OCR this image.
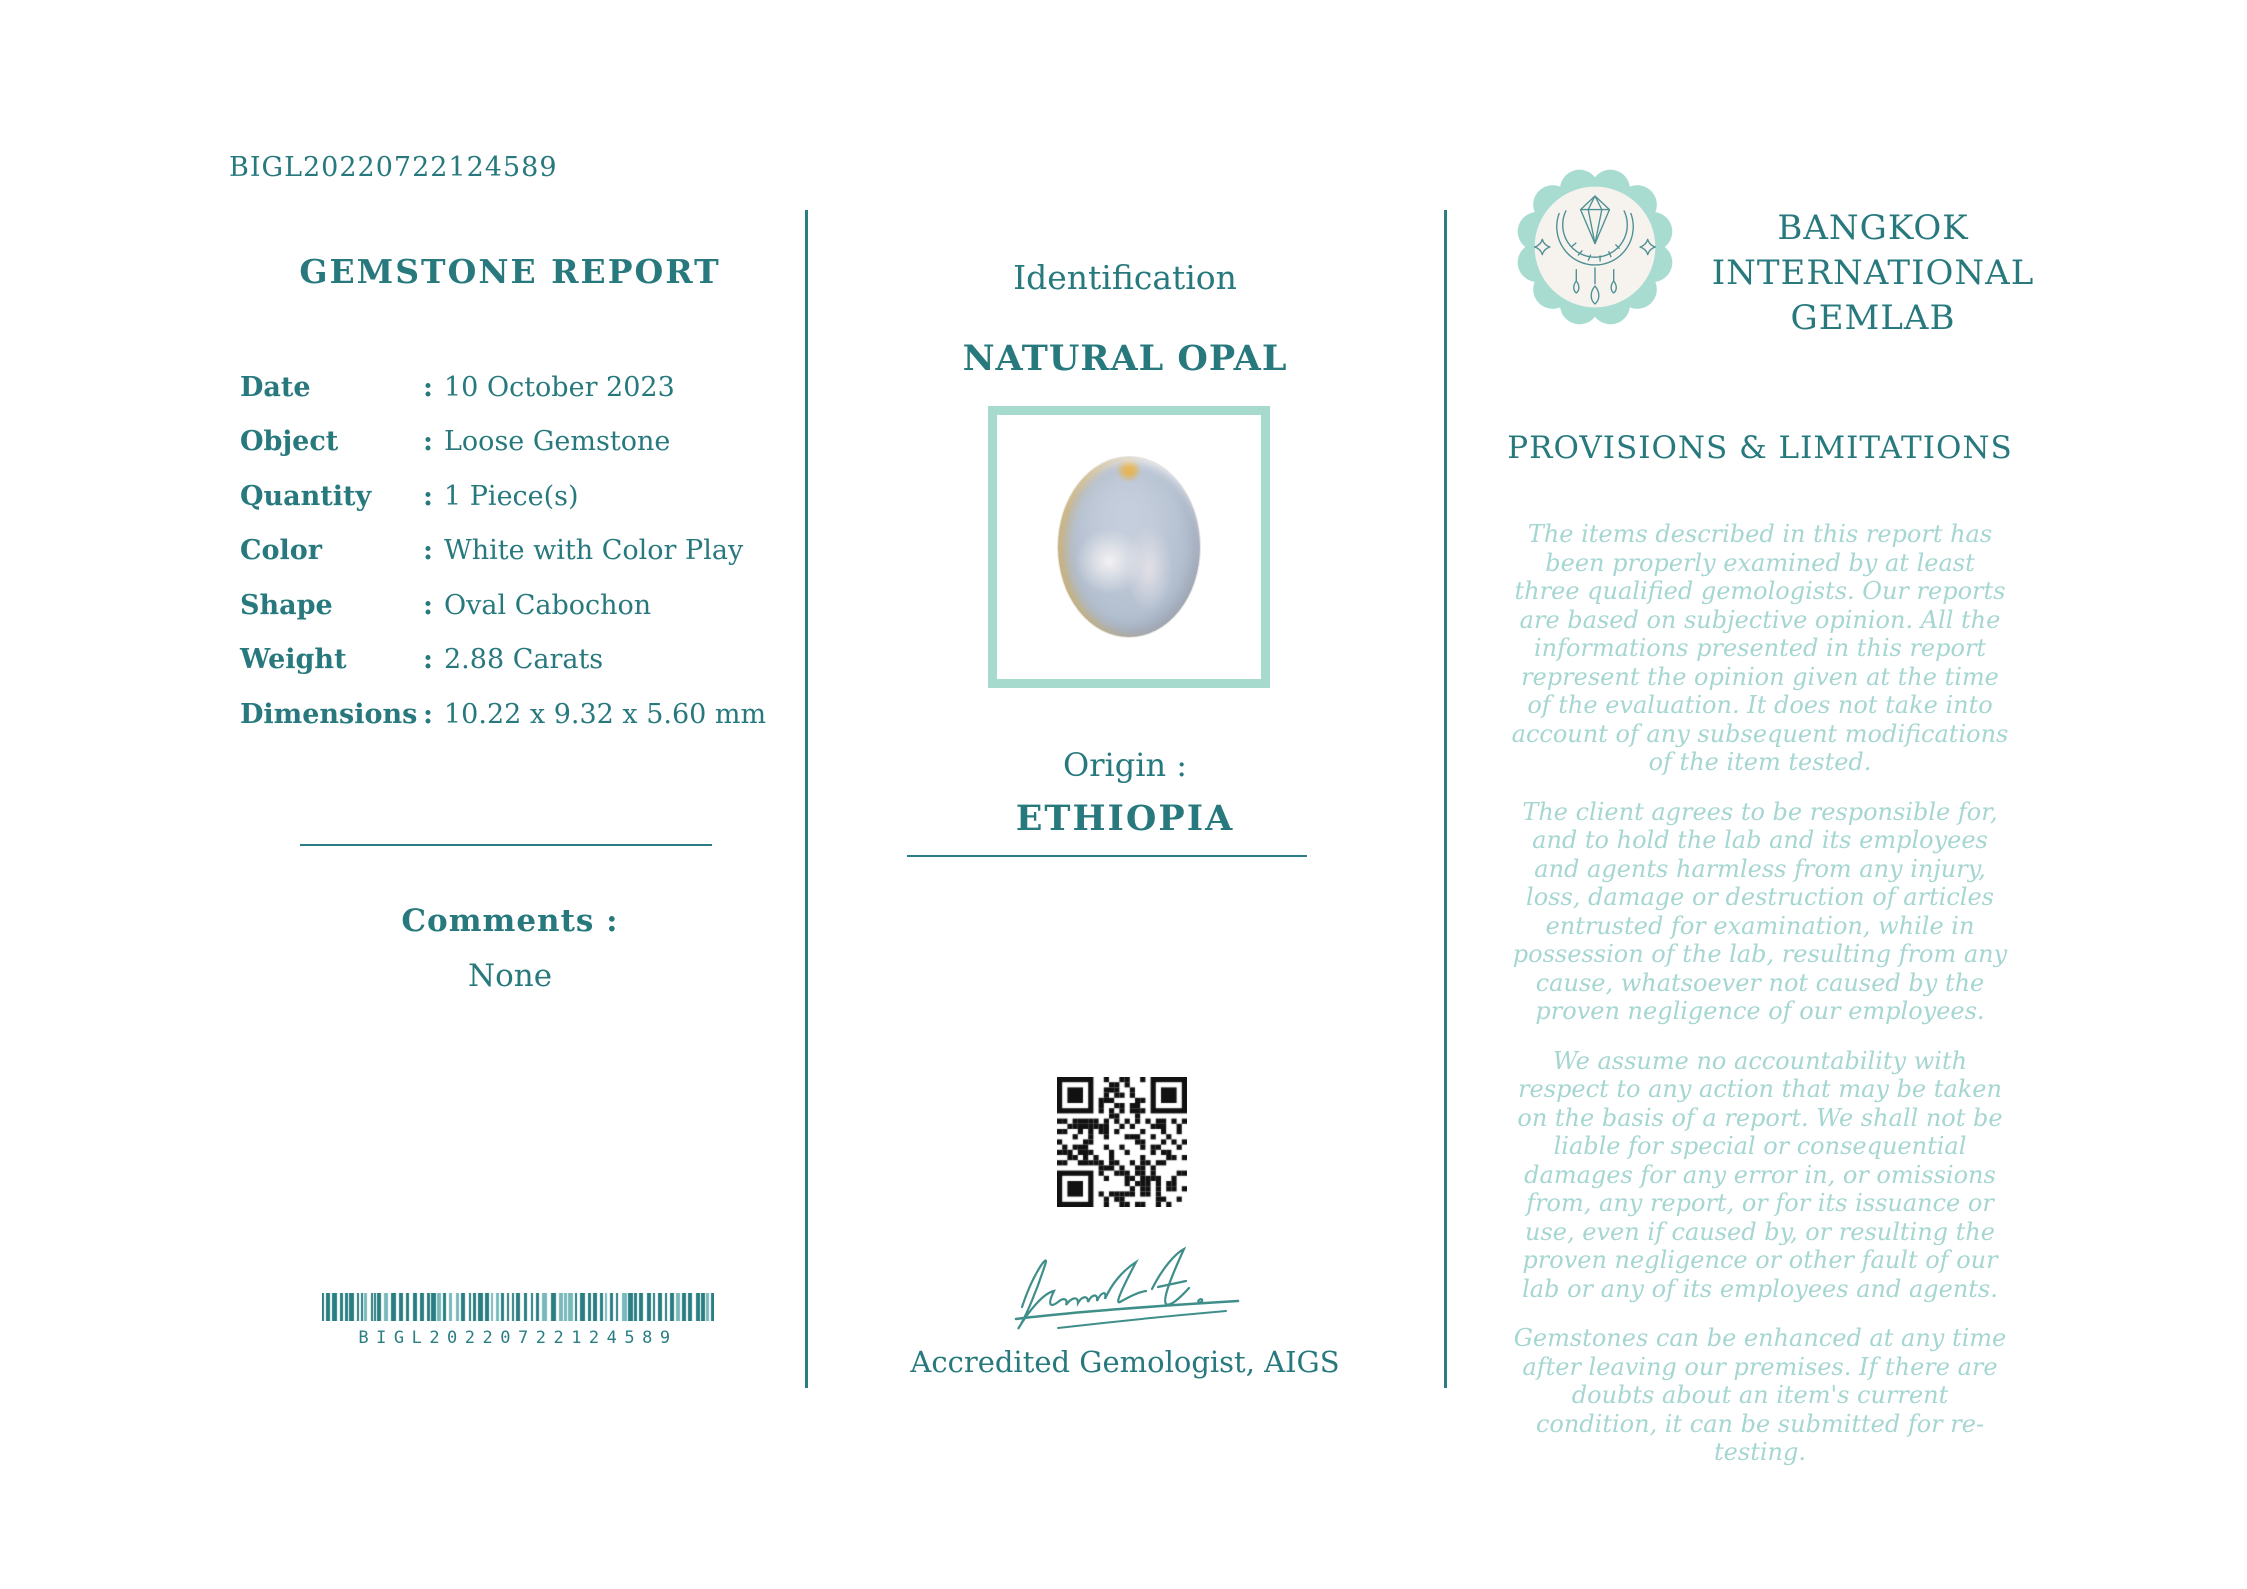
BIGL20220722124589
GEMSTONE REPORT
Date	: 10 October 2023
Object	: Loose Gemstone
Quantity	: 1 Piece(s)
Color	: White with Color Play
Shape	: Oval Cabochon
Weight	: 2.88 Carats
Dimensions : 10.22 x 9.32 x 5.60 mm
Comments :
None
BIGL20220722124589
Identification
NATURAL OPAL
Origin :
ETHIOPIA
Accredited Gemologist, AIGS
BANGKOK
INTERNATIONAL
GEMLAB
PROVISIONS & LIMITATIONS

The items described in this report has been properly examined by at least three qualified gemologists. Our reports are based on subjective opinion. All the informations presented in this report represent the opinion given at the time of the evaluation. It does not take into account of any subsequent modifications of the item tested.

The client agrees to be responsible for, and to hold the lab and its employees and agents harmless from any injury, loss, damage or destruction of articles entrusted for examination, while in possession of the lab, resulting from any cause, whatsoever not caused by the proven negligence of our employees.

We assume no accountability with respect to any action that may be taken on the basis of a report. We shall not be liable for special or consequential damages for any error in, or omissions from, any report, or for its issuance or use, even if caused by, or resulting the proven negligence or other fault of our lab or any of its employees and agents.

Gemstones can be enhanced at any time after leaving our premises. If there are doubts about an item's current condition, it can be submitted for re-testing.
